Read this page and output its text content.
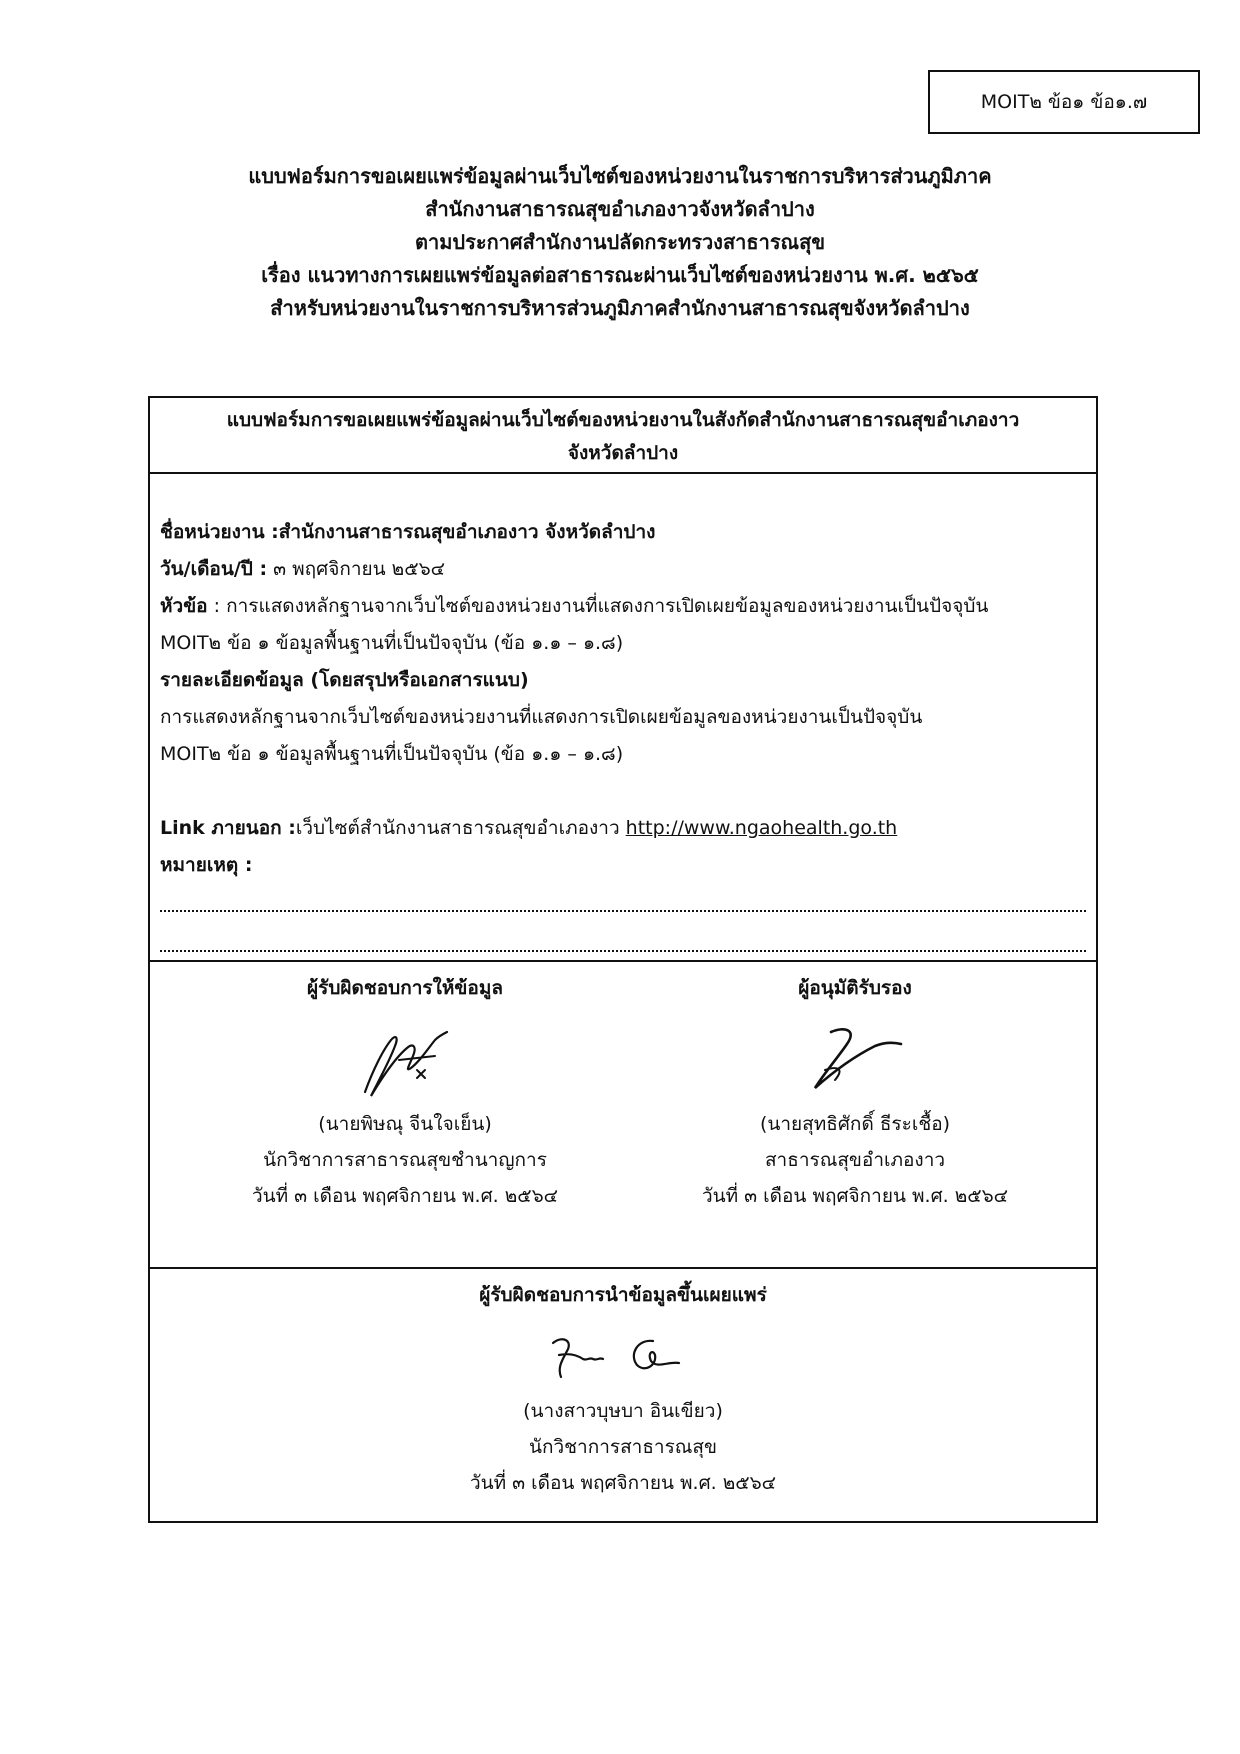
MOIT๒ ข้อ๑ ข้อ๑.๗
แบบฟอร์มการขอเผยแพร่ข้อมูลผ่านเว็บไซต์ของหน่วยงานในราชการบริหารส่วนภูมิภาค
สำนักงานสาธารณสุขอำเภองาวจังหวัดลำปาง
ตามประกาศสำนักงานปลัดกระทรวงสาธารณสุข
เรื่อง แนวทางการเผยแพร่ข้อมูลต่อสาธารณะผ่านเว็บไซต์ของหน่วยงาน พ.ศ. ๒๕๖๕
สำหรับหน่วยงานในราชการบริหารส่วนภูมิภาคสำนักงานสาธารณสุขจังหวัดลำปาง
แบบฟอร์มการขอเผยแพร่ข้อมูลผ่านเว็บไซต์ของหน่วยงานในสังกัดสำนักงานสาธารณสุขอำเภองาว
จังหวัดลำปาง
ชื่อหน่วยงาน :สำนักงานสาธารณสุขอำเภองาว จังหวัดลำปาง
วัน/เดือน/ปี : ๓ พฤศจิกายน ๒๕๖๔
หัวข้อ : การแสดงหลักฐานจากเว็บไซต์ของหน่วยงานที่แสดงการเปิดเผยข้อมูลของหน่วยงานเป็นปัจจุบัน
MOIT๒ ข้อ ๑ ข้อมูลพื้นฐานที่เป็นปัจจุบัน (ข้อ ๑.๑ – ๑.๘)
รายละเอียดข้อมูล (โดยสรุปหรือเอกสารแนบ)
การแสดงหลักฐานจากเว็บไซต์ของหน่วยงานที่แสดงการเปิดเผยข้อมูลของหน่วยงานเป็นปัจจุบัน
MOIT๒ ข้อ ๑ ข้อมูลพื้นฐานที่เป็นปัจจุบัน (ข้อ ๑.๑ – ๑.๘)
Link ภายนอก :เว็บไซต์สำนักงานสาธารณสุขอำเภองาว http://www.ngaohealth.go.th
หมายเหตุ :
ผู้รับผิดชอบการให้ข้อมูล
(นายพิษณุ จีนใจเย็น)
นักวิชาการสาธารณสุขชำนาญการ
วันที่ ๓ เดือน พฤศจิกายน พ.ศ. ๒๕๖๔
ผู้อนุมัติรับรอง
(นายสุทธิศักดิ์ ธีระเชื้อ)
สาธารณสุขอำเภองาว
วันที่ ๓ เดือน พฤศจิกายน พ.ศ. ๒๕๖๔
ผู้รับผิดชอบการนำข้อมูลขึ้นเผยแพร่
(นางสาวบุษบา อินเขียว)
นักวิชาการสาธารณสุข
วันที่ ๓ เดือน พฤศจิกายน พ.ศ. ๒๕๖๔
